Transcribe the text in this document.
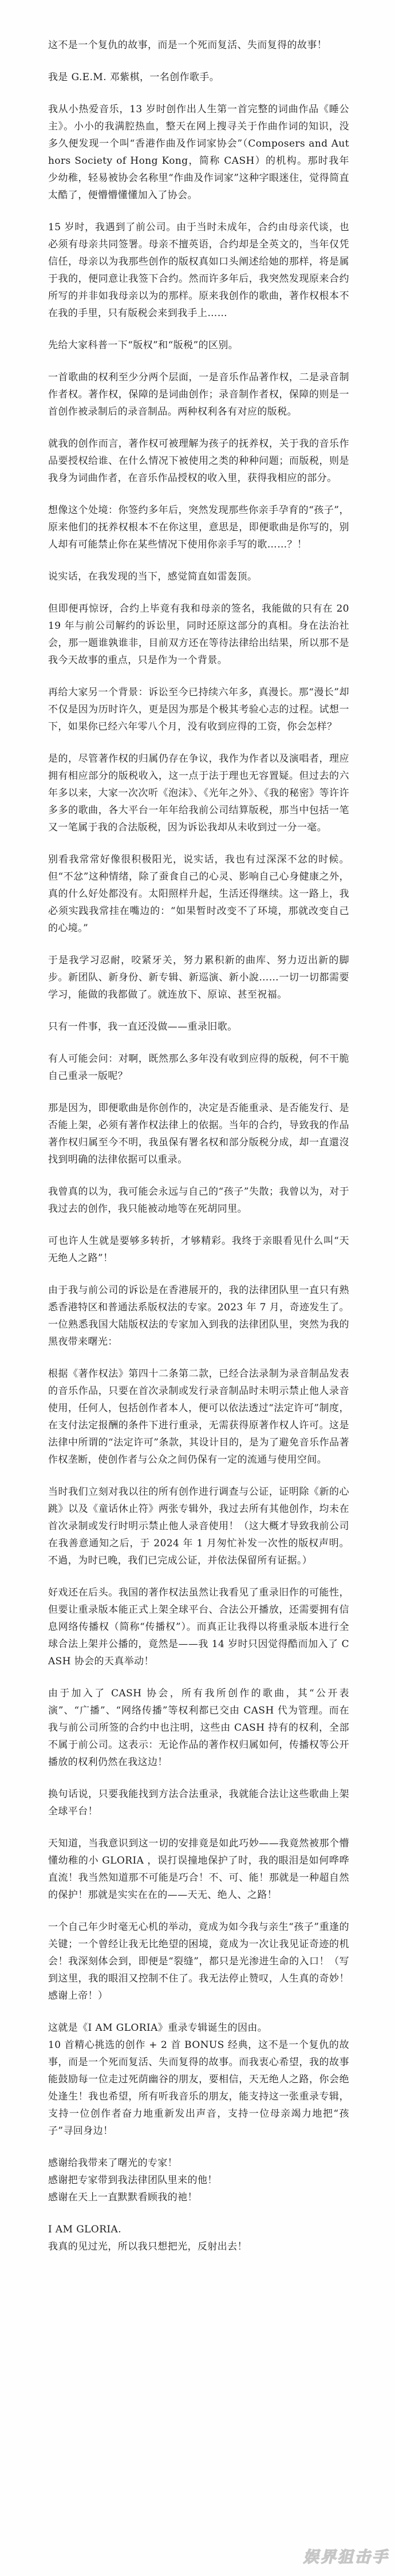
这不是一个复仇的故事，而是一个死而复活、失而复得的故事！

我是 G.E.M. 邓紫棋，一名创作歌手。

我从小热爱音乐，13 岁时创作出人生第一首完整的词曲作品《睡公主》。小小的我满腔热血，整天在网上搜寻关于作曲作词的知识，没多久便发现一个叫“香港作曲及作词家协会”（Composers and Authors Society of Hong Kong，简称 CASH）的机构。那时我年少幼稚，轻易被协会名称里“作曲及作词家”这种字眼迷住，觉得简直太酷了，便懵懵懂懂加入了协会。

15 岁时，我遇到了前公司。由于当时未成年，合约由母亲代谈，也必须有母亲共同签署。母亲不擅英语，合约却是全英文的，当年仅凭信任，母亲以为我那些创作的版权真如口头阐述给她的那样，将是属于我的，便同意让我签下合约。然而许多年后，我突然发现原来合约所写的并非如我母亲以为的那样。原来我创作的歌曲，著作权根本不在我的手里，只有版税会来到我手上……

先给大家科普一下“版权”和“版税”的区别。

一首歌曲的权利至少分两个层面，一是音乐作品著作权，二是录音制作者权。著作权，保障的是词曲创作；录音制作者权，保障的则是一首创作被录制后的录音制品。两种权利各有对应的版税。

就我的创作而言，著作权可被理解为孩子的抚养权，关于我的音乐作品要授权给谁、在什么情况下被使用之类的种种问题；而版税，则是我身为词曲作者，在音乐作品授权的收入里，获得我相应的部分。

想像这个处境：你签约多年后，突然发现那些你亲手孕育的“孩子”，原来他们的抚养权根本不在你这里，意思是，即便歌曲是你写的，别人却有可能禁止你在某些情况下使用你亲手写的歌……？！

说实话，在我发现的当下，感觉简直如雷轰顶。

但即便再惊讶，合约上毕竟有我和母亲的签名，我能做的只有在 2019 年与前公司解约的诉讼里，同时还原这部分的真相。身在法治社会，那一题谁孰谁非，目前双方还在等待法律给出结果，所以那不是我今天故事的重点，只是作为一个背景。

再给大家另一个背景：诉讼至今已持续六年多，真漫长。那“漫长”却不仅是因为历时许久，更是因为那是个极其考验心志的过程。试想一下，如果你已经六年零八个月，没有收到应得的工资，你会怎样？

是的，尽管著作权的归属仍存在争议，我作为作者以及演唱者，理应拥有相应部分的版税收入，这一点于法于理也无容置疑。但过去的六年多以来，大家一次次听《泡沫》、《光年之外》、《我的秘密》等许许多多的歌曲，各大平台一年年给我前公司结算版税，那当中包括一笔又一笔属于我的合法版税，因为诉讼我却从未收到过一分一毫。

别看我常常好像很积极阳光，说实话，我也有过深深不忿的时候。但“不忿”这种情绪，除了蚕食自己的心灵、影响自己心身健康之外，真的什么好处都没有。太阳照样升起，生活还得继续。这一路上，我必须实践我常挂在嘴边的：“如果暂时改变不了环境，那就改变自己的心境。”

于是我学习忍耐，咬紧牙关，努力累积新的曲库、努力迈出新的脚步。新团队、新身份、新专辑、新巡演、新小說……一切一切都需要学习，能做的我都做了。就连放下、原谅、甚至祝福。

只有一件事，我一直还没做——重录旧歌。

有人可能会问：对啊，既然那么多年没有收到应得的版税，何不干脆自己重录一版呢？

那是因为，即便歌曲是你创作的，决定是否能重录、是否能发行、是否能上架，必须有著作权法律上的依据。当年的合约，导致我的作品著作权归属至今不明，我虽保有署名权和部分版税分成，却一直還沒找到明确的法律依据可以重录。

我曾真的以为，我可能会永远与自己的“孩子”失散；我曾以为，对于我过去的创作，我只能被动地等在死胡同里。

可也许人生就是要够多转折，才够精彩。我终于亲眼看见什么叫“天无绝人之路”！

由于我与前公司的诉讼是在香港展开的，我的法律团队里一直只有熟悉香港特区和普通法系版权法的专家。2023 年 7 月，奇迹发生了。一位熟悉我国大陆版权法的专家加入到我的法律团队里，突然为我的黑夜带来曙光：

根据《著作权法》第四十二条第二款，已经合法录制为录音制品发表的音乐作品，只要在首次录制或发行录音制品时未明示禁止他人录音使用，任何人，包括创作者本人，便可以依法透过“法定许可”制度，在支付法定报酬的条件下进行重录，无需获得原著作权人许可。这是法律中所谓的“法定许可”条款，其设计目的，是为了避免音乐作品著作权垄断，使创作者与公众之间仍保有一定的流通与使用空间。

当时我们立刻对我以往的所有创作进行调查与公证，证明除《新的心跳》以及《童话休止符》两张专辑外，我过去所有其他创作，均未在首次录制或发行时明示禁止他人录音使用！（这大概才导致我前公司在我善意通知之后，于 2024 年 1 月匆忙补发一次性的版权声明。不過，为时已晚，我们已完成公证，并依法保留所有证据。）

好戏还在后头。我国的著作权法虽然让我看见了重录旧作的可能性，但要让重录版本能正式上架全球平台、合法公开播放，还需要拥有信息网络传播权（简称“传播权”）。而真正让我得以将重录版本进行全球合法上架并公播的，竟然是——我 14 岁时只因觉得酷而加入了 CASH 协会的天真举动！

由于加入了 CASH 协会，所有我所创作的歌曲，其“公开表演”、“广播”、“网络传播”等权利都已交由 CASH 代为管理。而在我与前公司所签的合约中也注明，这些由 CASH 持有的权利，全部不属于前公司。这表示：无论作品的著作权归属如何，传播权等公开播放的权利仍然在我这边！

换句话说，只要我能找到方法合法重录，我就能合法让这些歌曲上架全球平台！

天知道，当我意识到这一切的安排竟是如此巧妙——我竟然被那个懵懂幼稚的小 GLORIA ，误打误撞地保护了时，我的眼泪是如何哗哗直流！我当然知道那不可能是巧合！不、可、能！那就是一种超自然的保护！那就是实实在在的——天无、绝人、之路！

一个自己年少时毫无心机的举动，竟成为如今我与亲生“孩子”重逢的关键；一个曾经让我无比绝望的困境，竟成为一次让我见证奇迹的机会！我深刻体会到，即便是“裂缝”，都只是光渗进生命的入口！（写到这里，我的眼泪又控制不住了。我无法停止赞叹，人生真的奇妙！感谢上帝！）

这就是《I AM GLORIA》重录专辑诞生的因由。

10 首精心挑选的创作 + 2 首 BONUS 经典，这不是一个复仇的故事，而是一个死而复活、失而复得的故事。而我衷心希望，我的故事能鼓励每一位走过死荫幽谷的朋友，要相信，天无绝人之路，你会绝处逢生！我也希望，所有听我音乐的朋友，能支持这一张重录专辑，支持一位创作者奋力地重新发出声音，支持一位母亲竭力地把“孩子”寻回身边！

感谢给我带来了曙光的专家！

感谢把专家带到我法律团队里来的他！

感谢在天上一直默默看顾我的祂！

I AM GLORIA.

我真的见过光，所以我只想把光，反射出去！

娱界狙击手
